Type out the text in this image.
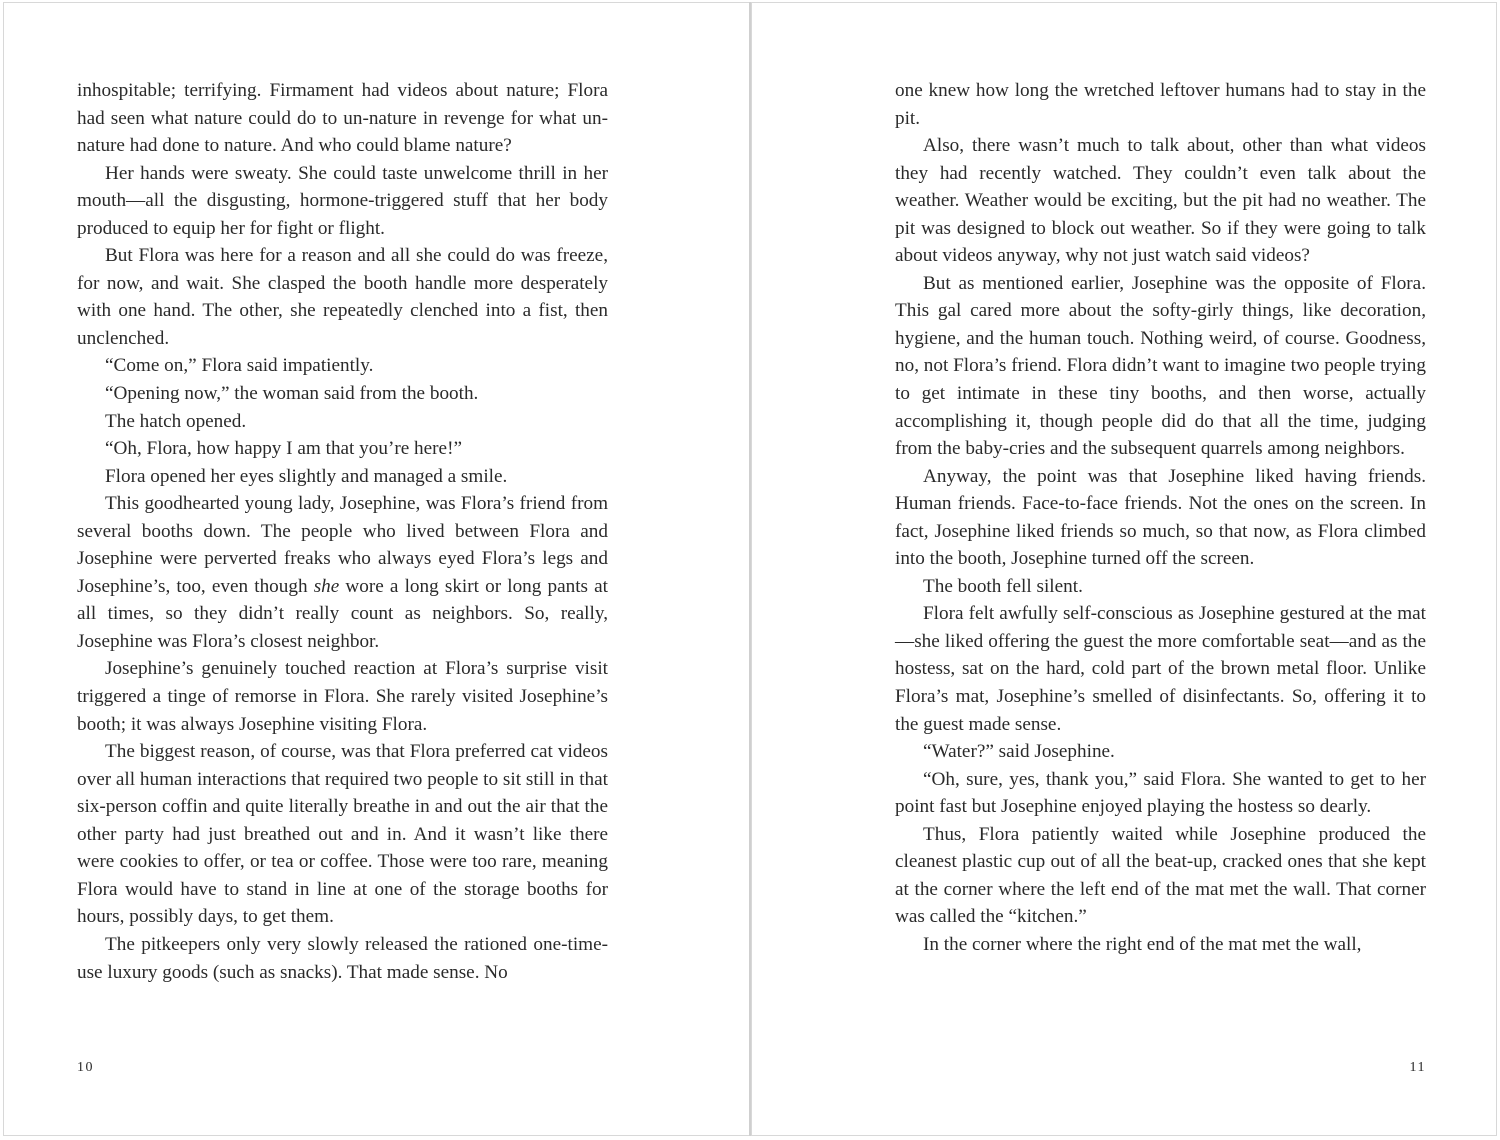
inhospitable; terrifying. Firmament had videos about nature; Flora had seen what nature could do to un-nature in revenge for what un-nature had done to nature. And who could blame nature?

Her hands were sweaty. She could taste unwelcome thrill in her mouth—all the disgusting, hormone-triggered stuff that her body produced to equip her for fight or flight.

But Flora was here for a reason and all she could do was freeze, for now, and wait. She clasped the booth handle more desperately with one hand. The other, she repeatedly clenched into a fist, then unclenched.

“Come on,” Flora said impatiently.

“Opening now,” the woman said from the booth.

The hatch opened.

“Oh, Flora, how happy I am that you’re here!”

Flora opened her eyes slightly and managed a smile.

This goodhearted young lady, Josephine, was Flora’s friend from several booths down. The people who lived between Flora and Josephine were perverted freaks who always eyed Flora’s legs and Josephine’s, too, even though she wore a long skirt or long pants at all times, so they didn’t really count as neighbors. So, really, Josephine was Flora’s closest neighbor.

Josephine’s genuinely touched reaction at Flora’s surprise visit triggered a tinge of remorse in Flora. She rarely visited Josephine’s booth; it was always Josephine visiting Flora.

The biggest reason, of course, was that Flora preferred cat videos over all human interactions that required two people to sit still in that six-person coffin and quite literally breathe in and out the air that the other party had just breathed out and in. And it wasn’t like there were cookies to offer, or tea or coffee. Those were too rare, meaning Flora would have to stand in line at one of the storage booths for hours, possibly days, to get them.

The pitkeepers only very slowly released the rationed one-time-use luxury goods (such as snacks). That made sense. No

10

one knew how long the wretched leftover humans had to stay in the pit.

Also, there wasn’t much to talk about, other than what videos they had recently watched. They couldn’t even talk about the weather. Weather would be exciting, but the pit had no weather. The pit was designed to block out weather. So if they were going to talk about videos anyway, why not just watch said videos?

But as mentioned earlier, Josephine was the opposite of Flora. This gal cared more about the softy-girly things, like decoration, hygiene, and the human touch. Nothing weird, of course. Goodness, no, not Flora’s friend. Flora didn’t want to imagine two people trying to get intimate in these tiny booths, and then worse, actually accomplishing it, though people did do that all the time, judging from the baby-cries and the subsequent quarrels among neighbors.

Anyway, the point was that Josephine liked having friends. Human friends. Face-to-face friends. Not the ones on the screen. In fact, Josephine liked friends so much, so that now, as Flora climbed into the booth, Josephine turned off the screen.

The booth fell silent.

Flora felt awfully self-conscious as Josephine gestured at the mat—she liked offering the guest the more comfortable seat—and as the hostess, sat on the hard, cold part of the brown metal floor. Unlike Flora’s mat, Josephine’s smelled of disinfectants. So, offering it to the guest made sense.

“Water?” said Josephine.

“Oh, sure, yes, thank you,” said Flora. She wanted to get to her point fast but Josephine enjoyed playing the hostess so dearly.

Thus, Flora patiently waited while Josephine produced the cleanest plastic cup out of all the beat-up, cracked ones that she kept at the corner where the left end of the mat met the wall. That corner was called the “kitchen.”

In the corner where the right end of the mat met the wall,

11
